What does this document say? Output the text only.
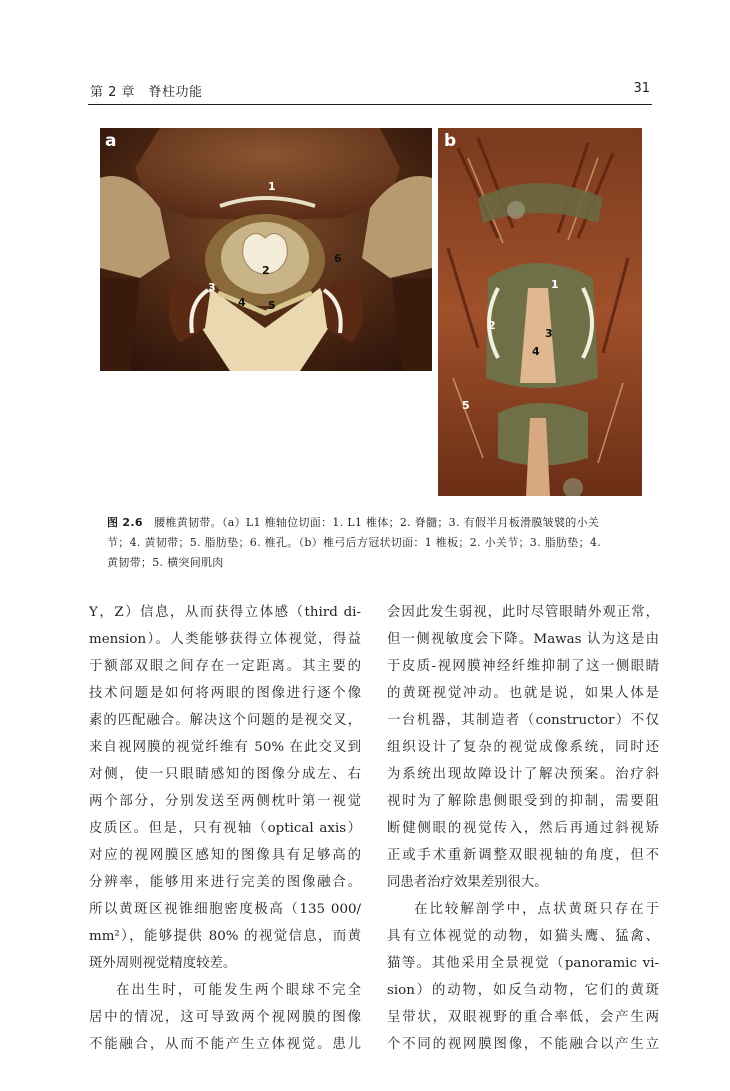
第 2 章　脊柱功能	31
a
1
2
3
4 5
6
b
1
2
3
4
5
图 2.6　 腰椎黄韧带。（a）L1 椎轴位切面：1. L1 椎体；2. 脊髓；3. 有假半月板滑膜皱襞的小关
节；4. 黄韧带；5. 脂肪垫；6. 椎孔。（b）椎弓后方冠状切面：1 椎板；2. 小关节；3. 脂肪垫；4.
黄韧带；5. 横突间肌肉
Y，Z）信息，从而获得立体感（third di-
mension）。人类能够获得立体视觉，得益
于额部双眼之间存在一定距离。其主要的
技术问题是如何将两眼的图像进行逐个像
素的匹配融合。解决这个问题的是视交叉，
来自视网膜的视觉纤维有 50% 在此交叉到
对侧，使一只眼睛感知的图像分成左、右
两个部分，分别发送至两侧枕叶第一视觉
皮质区。但是，只有视轴（optical axis）
对应的视网膜区感知的图像具有足够高的
分辨率，能够用来进行完美的图像融合。
所以黄斑区视锥细胞密度极高（135 000/
mm²），能够提供 80% 的视觉信息，而黄
斑外周则视觉精度较差。
在出生时，可能发生两个眼球不完全
居中的情况，这可导致两个视网膜的图像
不能融合，从而不能产生立体视觉。患儿
会因此发生弱视，此时尽管眼睛外观正常，
但一侧视敏度会下降。Mawas 认为这是由
于皮质-视网膜神经纤维抑制了这一侧眼睛
的黄斑视觉冲动。也就是说，如果人体是
一台机器，其制造者（constructor）不仅
组织设计了复杂的视觉成像系统，同时还
为系统出现故障设计了解决预案。治疗斜
视时为了解除患侧眼受到的抑制，需要阻
断健侧眼的视觉传入，然后再通过斜视矫
正或手术重新调整双眼视轴的角度，但不
同患者治疗效果差别很大。
在比较解剖学中，点状黄斑只存在于
具有立体视觉的动物，如猫头鹰、猛禽、
猫等。其他采用全景视觉（panoramic vi-
sion）的动物，如反刍动物，它们的黄斑
呈带状，双眼视野的重合率低，会产生两
个不同的视网膜图像，不能融合以产生立
